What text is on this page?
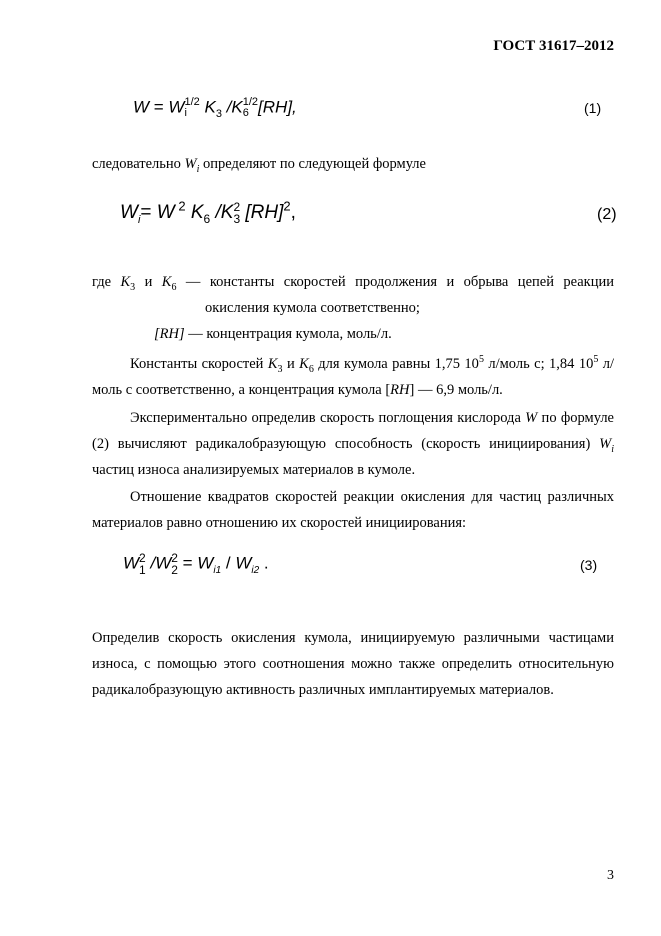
ГОСТ 31617–2012
W = W 1/2
i $K_3$ /K 1/2
6 [RH],	(1)
следовательно $W_i$ определяют по следующей формуле
$W_i= W$ $^2$ $K_6$ /K 2
3 [RH]$^2$,	(2)
где $K_3$ и $K_6$ — константы скоростей продолжения и обрыва цепей реакции
окисления кумола соответственно;
[RH] — концентрация кумола, моль/л.
Константы скоростей $K_3$ и $K_6$ для кумола равны 1,75 $10^5$ л/моль с; 1,84 $10^5$ л/моль с соответственно, а концентрация кумола [RH] — 6,9 моль/л.
Экспериментально определив скорость поглощения кислорода W по формуле (2) вычисляют радикалобразующую способность (скорость инициирования) $W_i$ частиц износа анализируемых материалов в кумоле.
Отношение квадратов скоростей реакции окисления для частиц различных материалов равно отношению их скоростей инициирования:
W 2
1 /W 2
$2 = W_{i1} / W_{i2}$ .	(3)
Определив скорость окисления кумола, инициируемую различными частицами износа, с помощью этого соотношения можно также определить относительную радикалобразующую активность различных имплантируемых материалов.
3
